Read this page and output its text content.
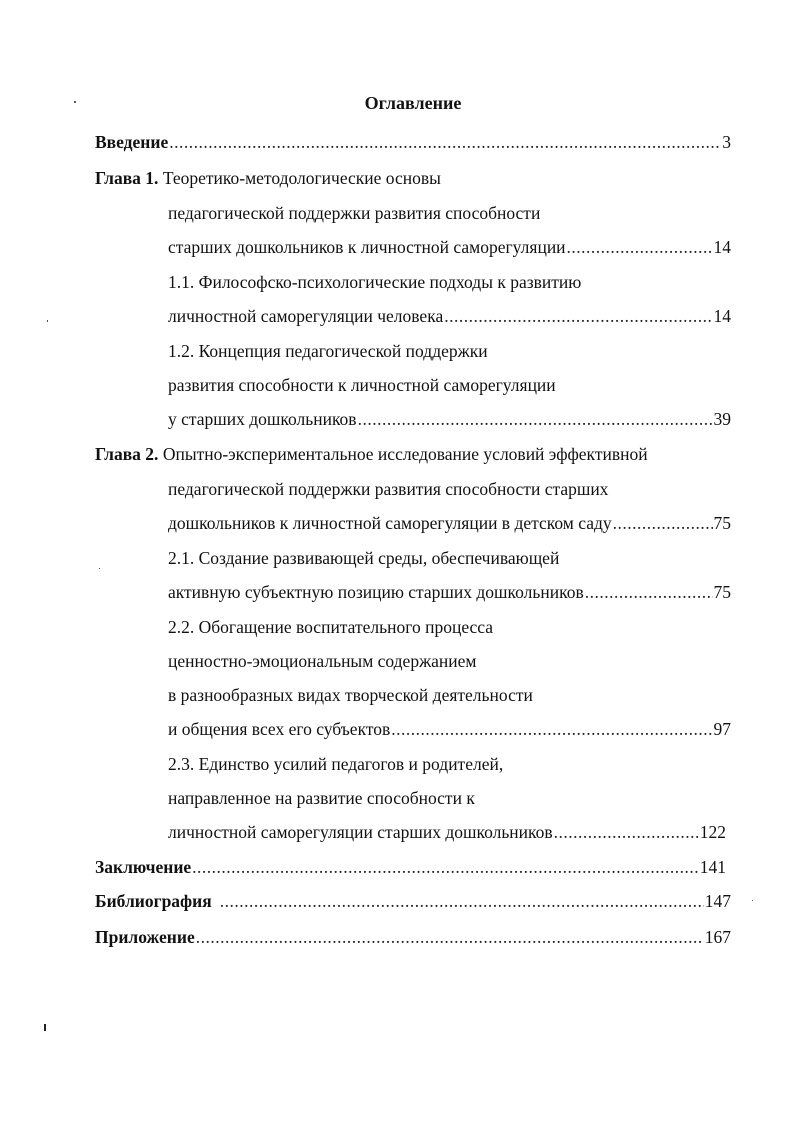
Оглавление
Введение .....	3
Глава 1. Теоретико-методологические основы
педагогической поддержки развития способности
старших дошкольников к личностной саморегуляции .....	14
1.1. Философско-психологические подходы к развитию
личностной саморегуляции человека .....	14
1.2. Концепция педагогической поддержки
развития способности к личностной саморегуляции
у старших дошкольников .....	39
Глава 2. Опытно-экспериментальное исследование условий эффективной
педагогической поддержки развития способности старших
дошкольников к личностной саморегуляции в детском саду .....	75
2.1. Создание развивающей среды, обеспечивающей
активную субъектную позицию старших дошкольников .....	75
2.2. Обогащение воспитательного процесса
ценностно-эмоциональным содержанием
в разнообразных видах творческой деятельности
и общения всех его субъектов .....	97
2.3. Единство усилий педагогов и родителей,
направленное на развитие способности к
личностной саморегуляции старших дошкольников .....	122
Заключение .....	141
Библиография .....	147
Приложение .....	167
